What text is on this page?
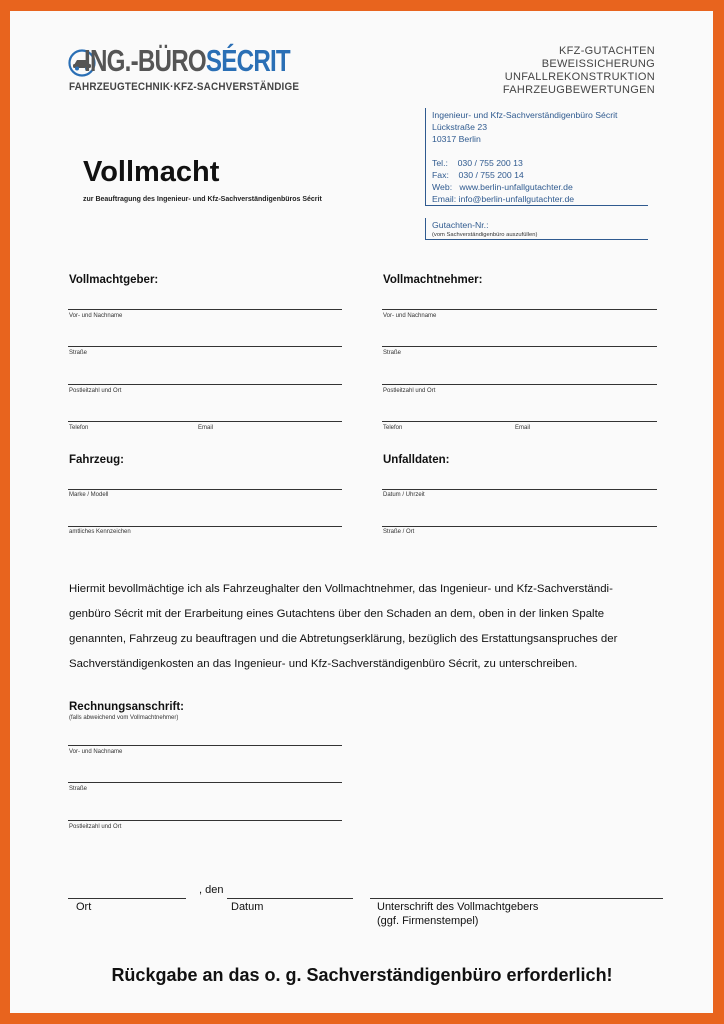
ING.-BÜROSÉCRIT
FAHRZEUGTECHNIK·KFZ-SACHVERSTÄNDIGE
KFZ-GUTACHTEN
BEWEISSICHERUNG
UNFALLREKONSTRUKTION
FAHRZEUGBEWERTUNGEN
Ingenieur- und Kfz-Sachverständigenbüro Sécrit
Lückstraße 23
10317 Berlin
Tel.:    030 / 755 200 13
Fax:    030 / 755 200 14
Web:   www.berlin-unfallgutachter.de
Email: info@berlin-unfallgutachter.de
Gutachten-Nr.:
(vom Sachverständigenbüro auszufüllen)
Vollmacht
zur Beauftragung des Ingenieur- und Kfz-Sachverständigenbüros Sécrit
Vollmachtgeber:
Vor- und Nachname
Straße
Postleitzahl und Ort
Telefon	Email
Vollmachtnehmer:
Vor- und Nachname
Straße
Postleitzahl und Ort
Telefon	Email
Fahrzeug:
Marke / Modell
amtliches Kennzeichen
Unfalldaten:
Datum / Uhrzeit
Straße / Ort
Hiermit bevollmächtige ich als Fahrzeughalter den Vollmachtnehmer, das Ingenieur- und Kfz-Sachverständi-
genbüro Sécrit mit der Erarbeitung eines Gutachtens über den Schaden an dem, oben in der linken Spalte
genannten, Fahrzeug zu beauftragen und die Abtretungserklärung, bezüglich des Erstattungsanspruches der
Sachverständigenkosten an das Ingenieur- und Kfz-Sachverständigenbüro Sécrit, zu unterschreiben.
Rechnungsanschrift:
(falls abweichend vom Vollmachtnehmer)
Vor- und Nachname
Straße
Postleitzahl und Ort
, den
Ort	Datum	Unterschrift des Vollmachtgebers
(ggf. Firmenstempel)
Rückgabe an das o. g. Sachverständigenbüro erforderlich!
